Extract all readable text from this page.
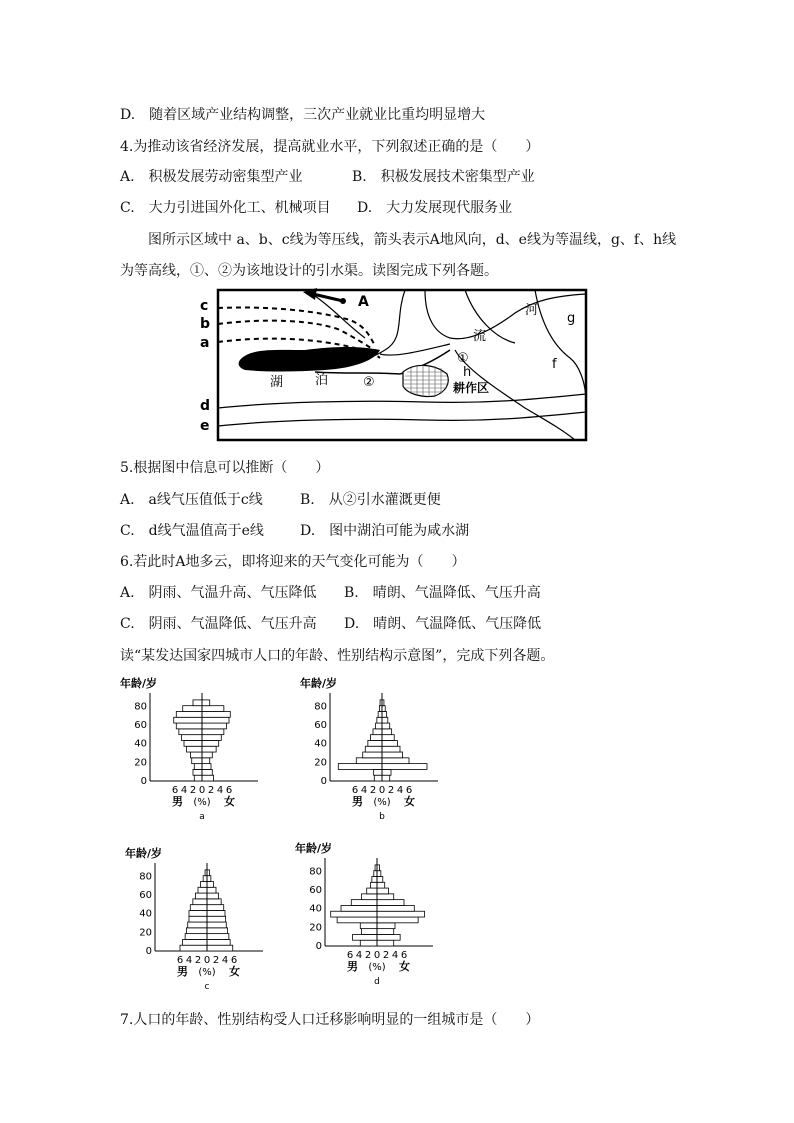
D.　随着区域产业结构调整，三次产业就业比重均明显增大
4.为推动该省经济发展，提高就业水平，下列叙述正确的是（　　）
A.　积极发展劳动密集型产业	B.　积极发展技术密集型产业
C.　大力引进国外化工、机械项目 D.　大力发展现代服务业
图所示区域中 a、b、c线为等压线，箭头表示A地风向，d、e线为等温线，g、f、h线
为等高线，①、②为该地设计的引水渠。读图完成下列各题。
c
b
a
d
e
A
河
流
g
f
h
湖 泊
①
②	耕作区
5.根据图中信息可以推断（　　）
A.　a线气压值低于c线	B.　从②引水灌溉更便
C.　d线气温值高于e线	D.　图中湖泊可能为咸水湖
6.若此时A地多云，即将迎来的天气变化可能为（　　）
A.　阴雨、气温升高、气压降低 B.　晴朗、气温降低、气压升高
C.　阴雨、气温降低、气压升高 D.　晴朗、气温降低、气压降低
读“某发达国家四城市人口的年龄、性别结构示意图”，完成下列各题。
年龄/岁
80
60
40
20
0
6 4 2 0 2 4 6
男 (%) 女
a
年龄/岁
80
60
40
20
0
6 4 2 0 2 4 6
男 (%) 女
b
年龄/岁
80
60
40
20
0
6 4 2 0 2 4 6
男 (%) 女
c
年龄/岁
80
60
40
20
0
6 4 2 0 2 4 6
男 (%) 女
d
7.人口的年龄、性别结构受人口迁移影响明显的一组城市是（　　）
